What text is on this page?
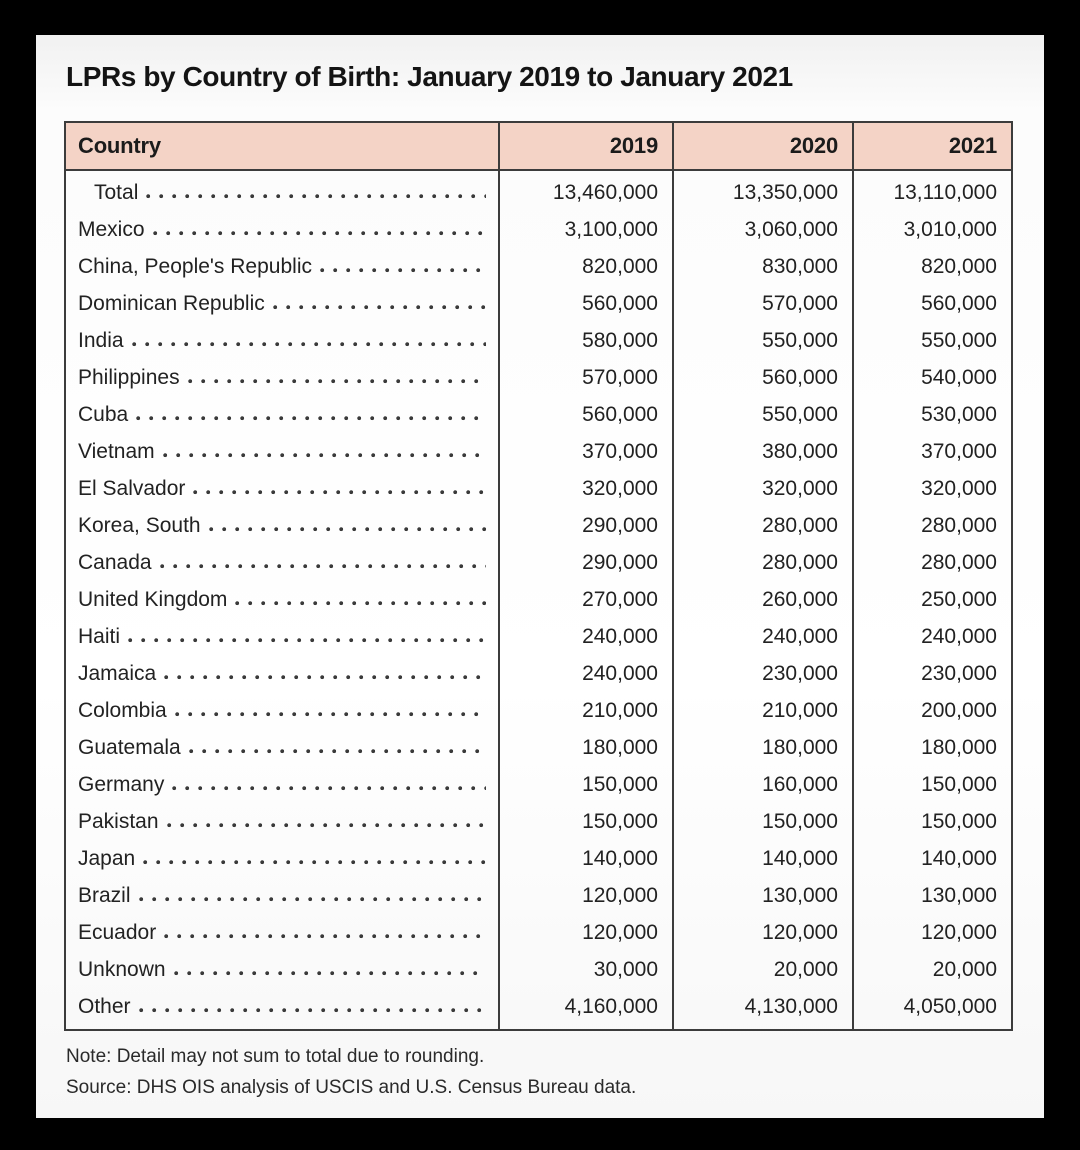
LPRs by Country of Birth: January 2019 to January 2021
Country	2019	2020	2021

Total	13,460,000	13,350,000	13,110,000

Mexico	3,100,000	3,060,000	3,010,000

China, People's Republic	820,000	830,000	820,000

Dominican Republic	560,000	570,000	560,000

India	580,000	550,000	550,000

Philippines	570,000	560,000	540,000

Cuba	560,000	550,000	530,000

Vietnam	370,000	380,000	370,000

El Salvador	320,000	320,000	320,000

Korea, South	290,000	280,000	280,000

Canada	290,000	280,000	280,000

United Kingdom	270,000	260,000	250,000

Haiti	240,000	240,000	240,000

Jamaica	240,000	230,000	230,000

Colombia	210,000	210,000	200,000

Guatemala	180,000	180,000	180,000

Germany	150,000	160,000	150,000

Pakistan	150,000	150,000	150,000

Japan	140,000	140,000	140,000

Brazil	120,000	130,000	130,000

Ecuador	120,000	120,000	120,000

Unknown	30,000	20,000	20,000

Other	4,160,000	4,130,000	4,050,000
Note: Detail may not sum to total due to rounding.
Source: DHS OIS analysis of USCIS and U.S. Census Bureau data.
